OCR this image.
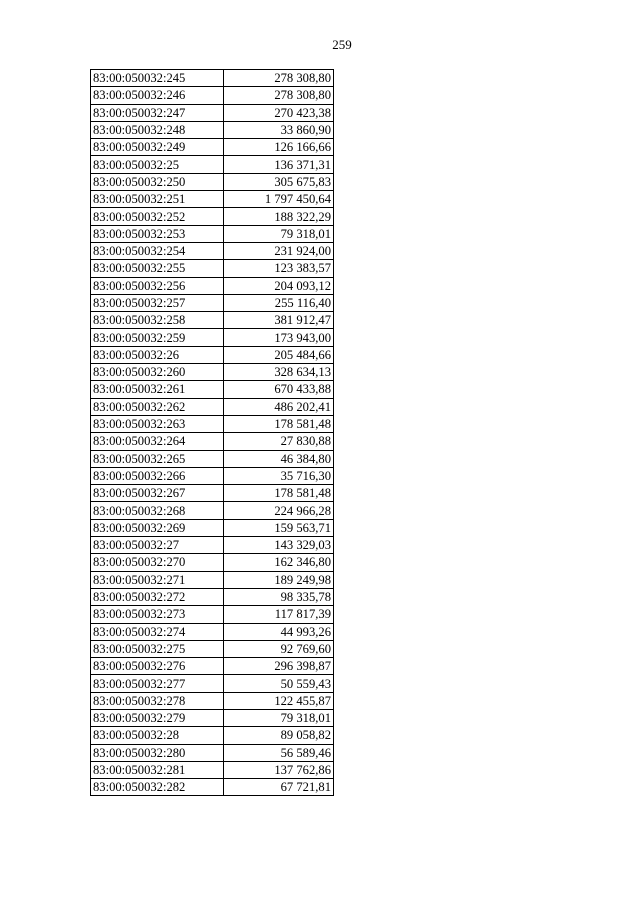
259
83:00:050032:245	278 308,80
83:00:050032:246	278 308,80
83:00:050032:247	270 423,38
83:00:050032:248	33 860,90
83:00:050032:249	126 166,66
83:00:050032:25	136 371,31
83:00:050032:250	305 675,83
83:00:050032:251	1 797 450,64
83:00:050032:252	188 322,29
83:00:050032:253	79 318,01
83:00:050032:254	231 924,00
83:00:050032:255	123 383,57
83:00:050032:256	204 093,12
83:00:050032:257	255 116,40
83:00:050032:258	381 912,47
83:00:050032:259	173 943,00
83:00:050032:26	205 484,66
83:00:050032:260	328 634,13
83:00:050032:261	670 433,88
83:00:050032:262	486 202,41
83:00:050032:263	178 581,48
83:00:050032:264	27 830,88
83:00:050032:265	46 384,80
83:00:050032:266	35 716,30
83:00:050032:267	178 581,48
83:00:050032:268	224 966,28
83:00:050032:269	159 563,71
83:00:050032:27	143 329,03
83:00:050032:270	162 346,80
83:00:050032:271	189 249,98
83:00:050032:272	98 335,78
83:00:050032:273	117 817,39
83:00:050032:274	44 993,26
83:00:050032:275	92 769,60
83:00:050032:276	296 398,87
83:00:050032:277	50 559,43
83:00:050032:278	122 455,87
83:00:050032:279	79 318,01
83:00:050032:28	89 058,82
83:00:050032:280	56 589,46
83:00:050032:281	137 762,86
83:00:050032:282	67 721,81
